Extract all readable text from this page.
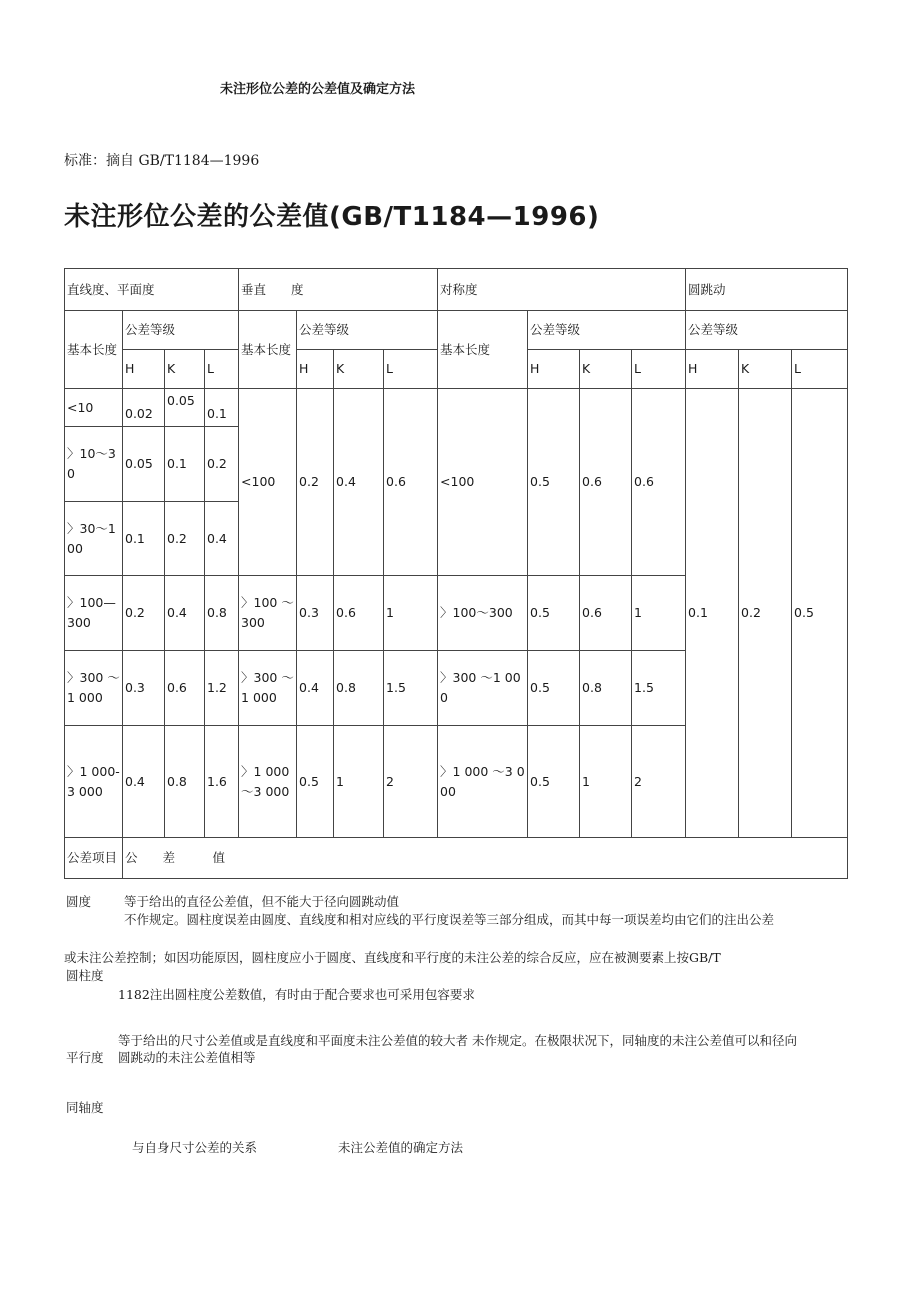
未注形位公差的公差值及确定方法
标准：摘自 GB/T1184—1996
未注形位公差的公差值(GB/T1184—1996)
直线度、平面度				垂直　　度				对称度				圆跳动		
基本长度	公差等级			基本长度	公差等级			基本长度	公差等级			公差等级		
	H	K	L		H	K	L		H	K	L	H	K	L
<10	0.02	0.05	0.1	<100	0.2	0.4	0.6	<100	0.5	0.6	0.6	0.1	0.2	0.5
〉10～30	0.05	0.1	0.2											
〉30～100	0.1	0.2	0.4											
〉100—300	0.2	0.4	0.8	〉100 ～300	0.3	0.6	1	〉100～300	0.5	0.6	1			
〉300 ～1 000	0.3	0.6	1.2	〉300 ～1 000	0.4	0.8	1.5	〉300 ～1 000	0.5	0.8	1.5			
〉1 000-3 000	0.4	0.8	1.6	〉1 000 ～3 000	0.5	1	2	〉1 000 ～3 000	0.5	1	2			
公差项目	公　　差　　　值													
圆度	等于给出的直径公差值，但不能大于径向圆跳动值
不作规定。圆柱度误差由圆度、直线度和相对应线的平行度误差等三部分组成，而其中每一项误差均由它们的注出公差
或未注公差控制；如因功能原因，圆柱度应小于圆度、直线度和平行度的未注公差的综合反应，应在被测要素上按GB/T
圆柱度
1182注出圆柱度公差数值，有时由于配合要求也可采用包容要求
等于给出的尺寸公差值或是直线度和平面度未注公差值的较大者 未作规定。在极限状况下，同轴度的未注公差值可以和径向
平行度 圆跳动的未注公差值相等
同轴度
与自身尺寸公差的关系	未注公差值的确定方法
